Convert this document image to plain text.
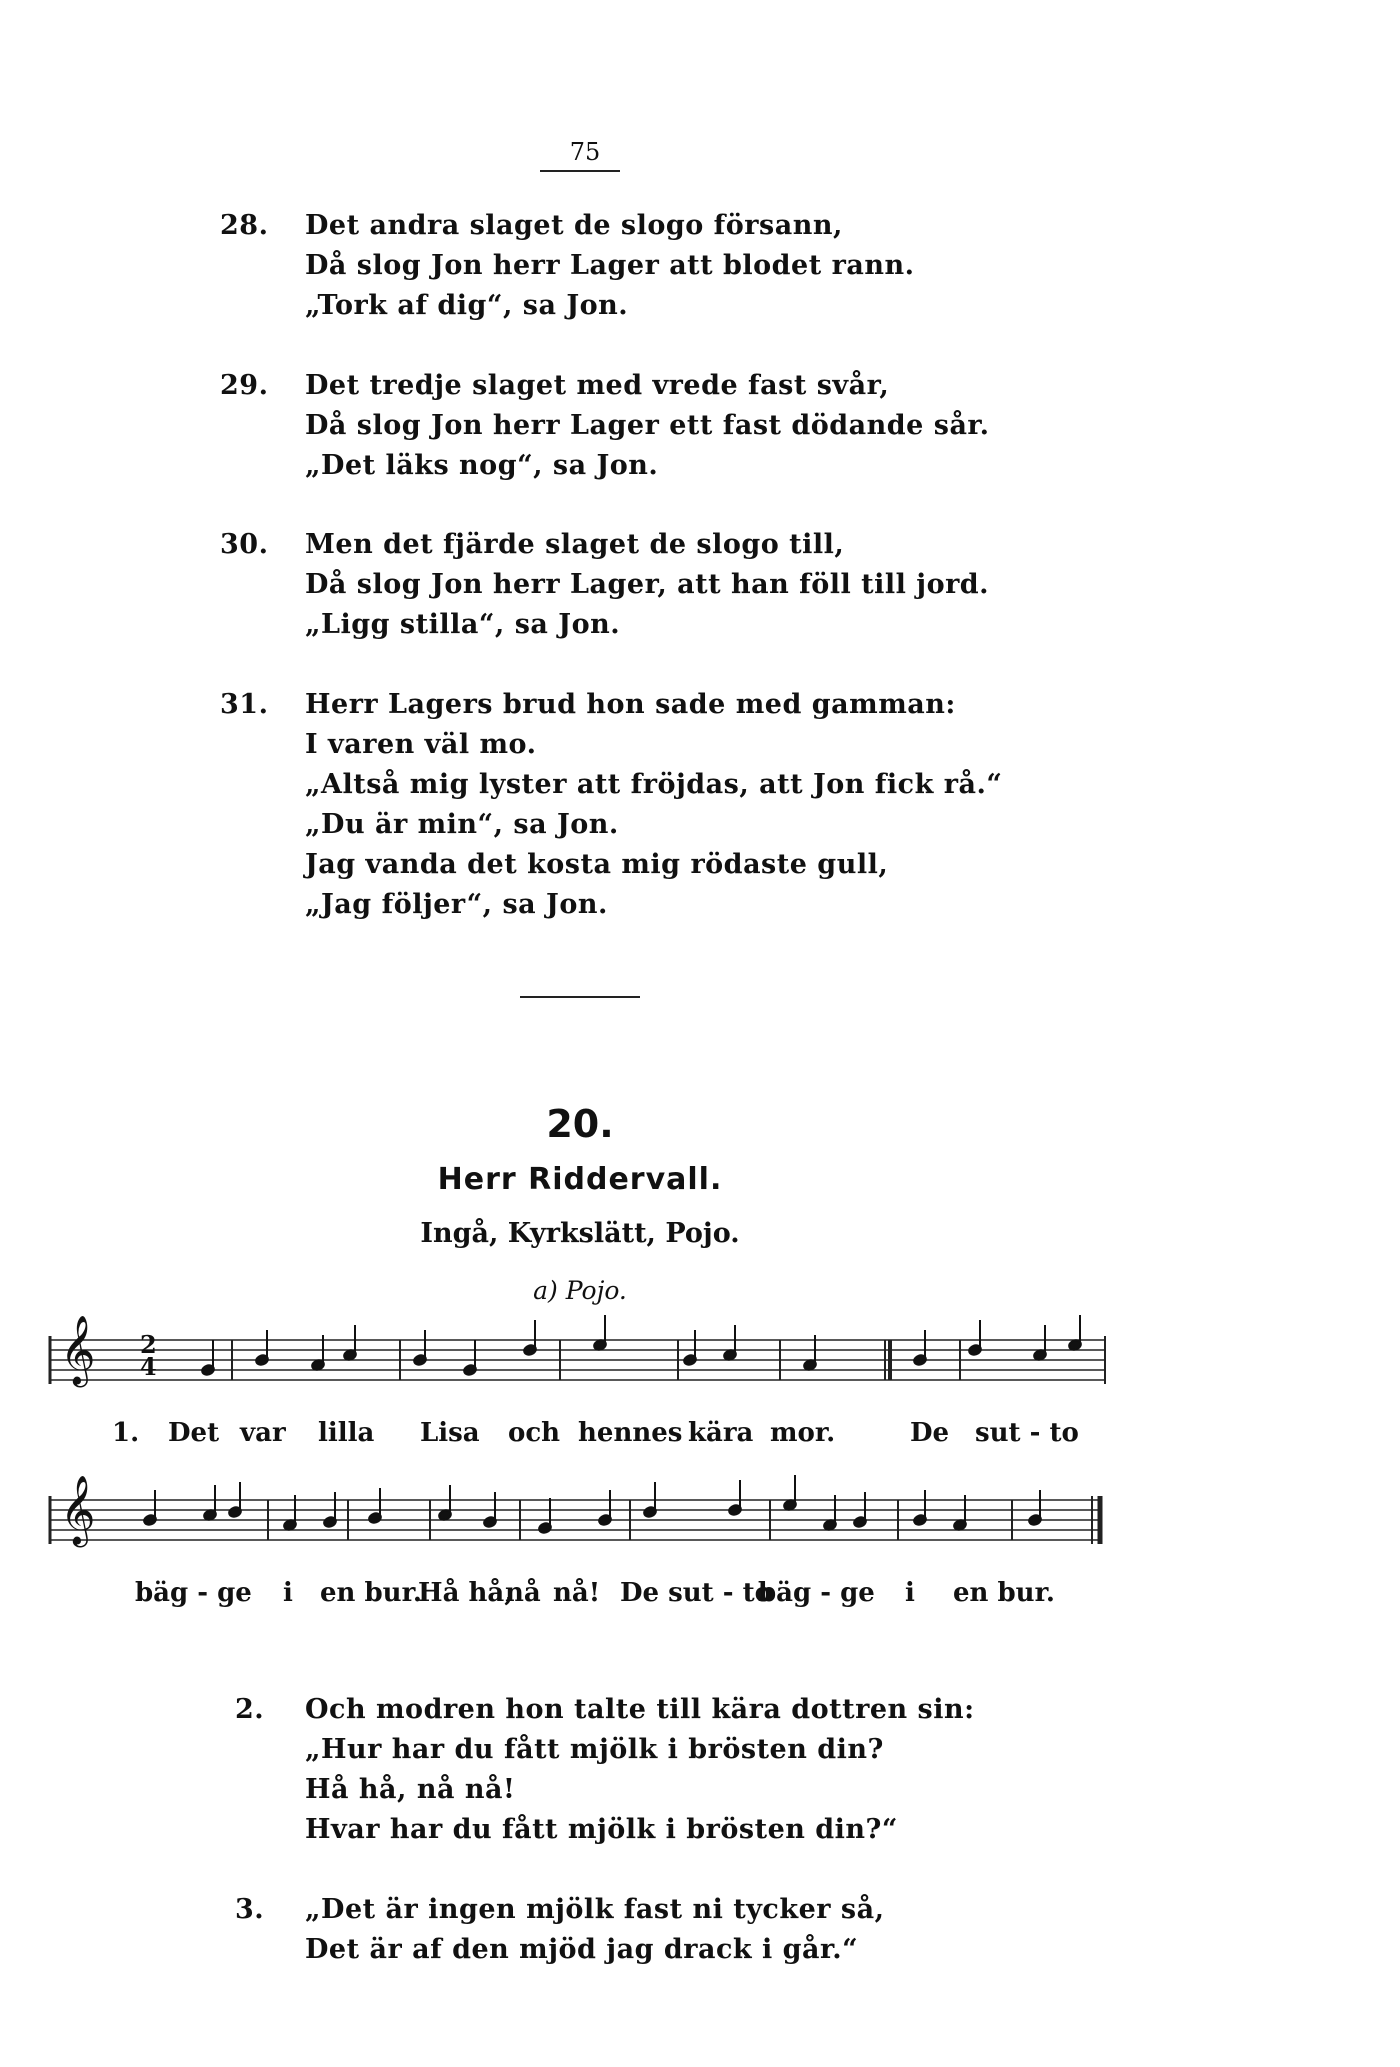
75
28.	Det andra slaget de slogo försann,
Då slog Jon herr Lager att blodet rann.
„Tork af dig“, sa Jon.
29.	Det tredje slaget med vrede fast svår,
Då slog Jon herr Lager ett fast dödande sår.
„Det läks nog“, sa Jon.
30.	Men det fjärde slaget de slogo till,
Då slog Jon herr Lager, att han föll till jord.
„Ligg stilla“, sa Jon.
31.	Herr Lagers brud hon sade med gamman:
I varen väl mo.
„Altså mig lyster att fröjdas, att Jon fick rå.“
„Du är min“, sa Jon.
Jag vanda det kosta mig rödaste gull,
„Jag följer“, sa Jon.
20.
Herr Riddervall.
Ingå, Kyrkslätt, Pojo.
a) Pojo.
𝄞
𝄞
2
4
1. Det var lilla Lisa och hennes kära mor.	De sut - to
bäg - ge i en bur.
Hå hå,
nå nå! De sut - to
bäg - ge i en bur.
2.	Och modren hon talte till kära dottren sin:
„Hur har du fått mjölk i brösten din?
Hå hå, nå nå!
Hvar har du fått mjölk i brösten din?“
3.	„Det är ingen mjölk fast ni tycker så,
Det är af den mjöd jag drack i går.“
